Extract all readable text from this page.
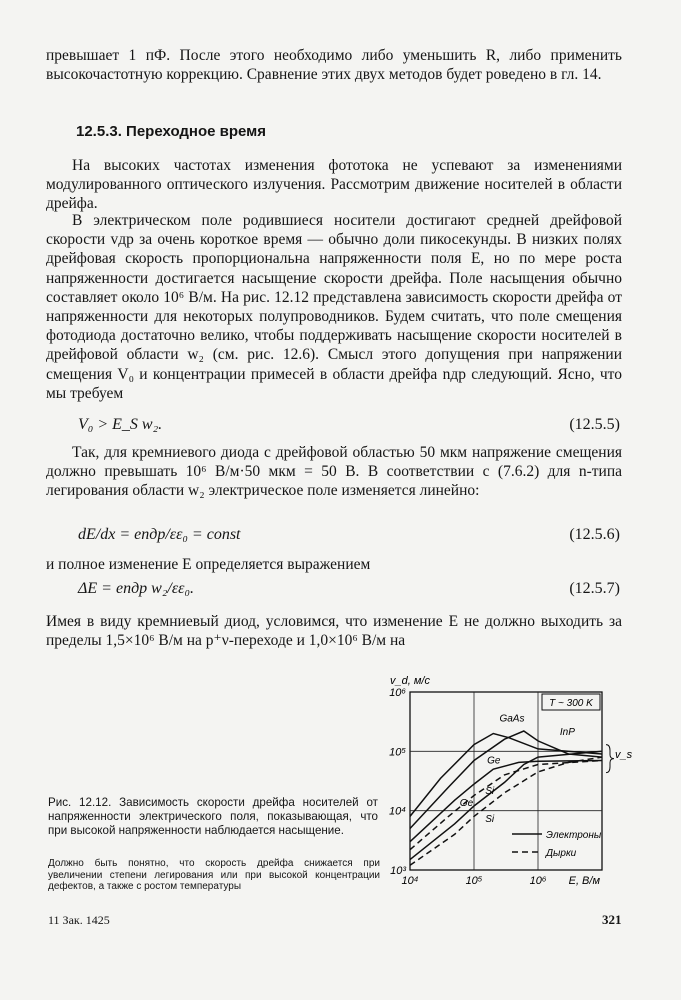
превышает 1 пФ. После этого необходимо либо уменьшить R, либо применить высокочастотную коррекцию. Сравнение этих двух методов будет роведено в гл. 14.

12.5.3. Переходное время

На высоких частотах изменения фототока не успевают за изменениями модулированного оптического излучения. Рассмотрим движение носителей в области дрейфа.

В электрическом поле родившиеся носители достигают средней дрейфовой скорости vдр за очень короткое время — обычно доли пикосекунды. В низких полях дрейфовая скорость пропорциональна напряженности поля E, но по мере роста напряженности достигается насыщение скорости дрейфа. Поле насыщения обычно составляет около 10⁶ В/м. На рис. 12.12 представлена зависимость скорости дрейфа от напряженности для некоторых полупроводников. Будем считать, что поле смещения фотодиода достаточно велико, чтобы поддерживать насыщение скорости носителей в дрейфовой области w₂ (см. рис. 12.6). Смысл этого допущения при напряжении смещения V₀ и концентрации примесей в области дрейфа nдр следующий. Ясно, что мы требуем

V₀ > E_S w₂.	(12.5.5)

Так, для кремниевого диода с дрейфовой областью 50 мкм напряжение смещения должно превышать 10⁶ В/м·50 мкм = 50 В. В соответствии с (7.6.2) для n-типа легирования области w₂ электрическое поле изменяется линейно:

dE/dx = enдр/εε₀ = const	(12.5.6)

и полное изменение E определяется выражением

ΔE = enдр w₂/εε₀.	(12.5.7)

Имея в виду кремниевый диод, условимся, что изменение E не должно выходить за пределы 1,5×10⁶ В/м на p⁺ν-переходе и 1,0×10⁶ В/м на

10³
10⁴
10⁵
10⁶
10⁴	10⁵	10⁶ E, В/м
v_d, м/с
T ~ 300 K
GaAs
InP
Ge
Si
Ge
Si
v_s
Электроны
Дырки
Рис. 12.12. Зависимость скорости дрейфа носителей от напряженности электрического поля, показывающая, что при высокой напряженности наблюдается насыщение.
Должно быть понятно, что скорость дрейфа снижается при увеличении степени легирования или при высокой концентрации дефектов, а также с ростом температуры
11 Зак. 1425	321
